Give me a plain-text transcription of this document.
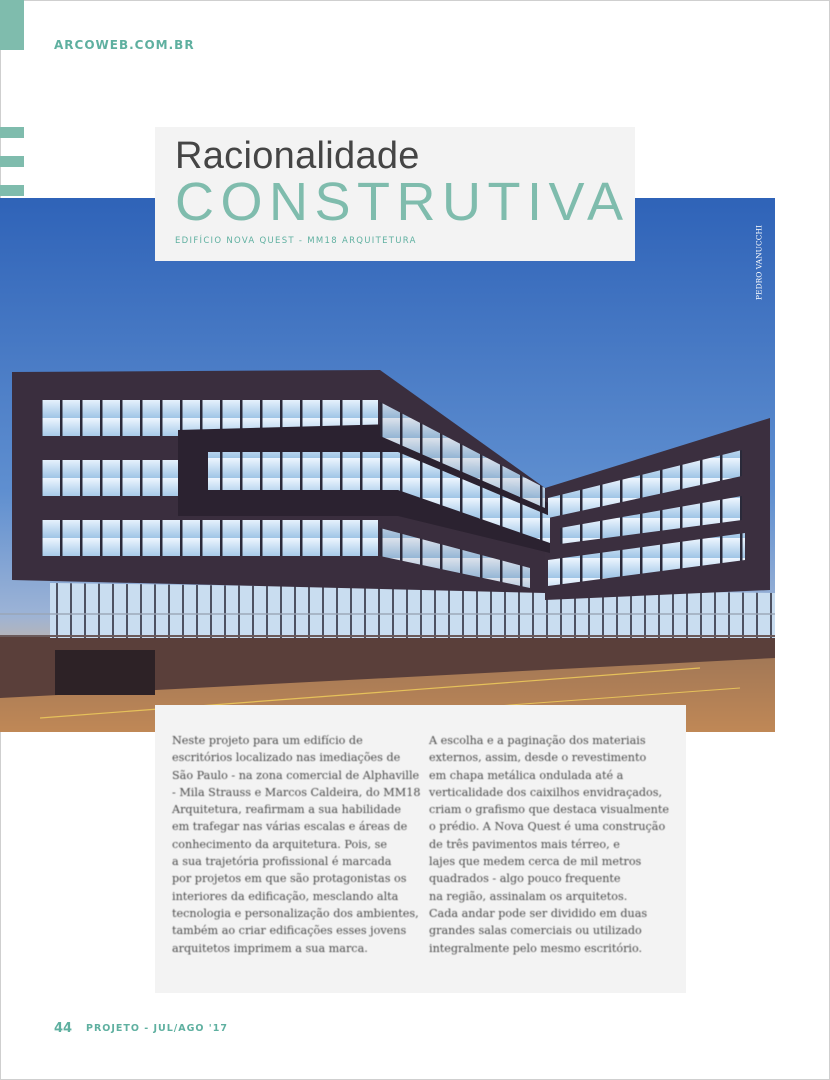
ARCOWEB.COM.BR
PEDRO VANUCCHI
Racionalidade
CONSTRUTIVA
EDIFÍCIO NOVA QUEST - MM18 ARQUITETURA
Neste projeto para um edifício de
escritórios localizado nas imediações de
São Paulo - na zona comercial de Alphaville
- Mila Strauss e Marcos Caldeira, do MM18
Arquitetura, reafirmam a sua habilidade
em trafegar nas várias escalas e áreas de
conhecimento da arquitetura. Pois, se
a sua trajetória profissional é marcada
por projetos em que são protagonistas os
interiores da edificação, mesclando alta
tecnologia e personalização dos ambientes,
também ao criar edificações esses jovens
arquitetos imprimem a sua marca.
A escolha e a paginação dos materiais
externos, assim, desde o revestimento
em chapa metálica ondulada até a
verticalidade dos caixilhos envidraçados,
criam o grafismo que destaca visualmente
o prédio. A Nova Quest é uma construção
de três pavimentos mais térreo, e
lajes que medem cerca de mil metros
quadrados - algo pouco frequente
na região, assinalam os arquitetos.
Cada andar pode ser dividido em duas
grandes salas comerciais ou utilizado
integralmente pelo mesmo escritório.
44 PROJETO - JUL/AGO '17
